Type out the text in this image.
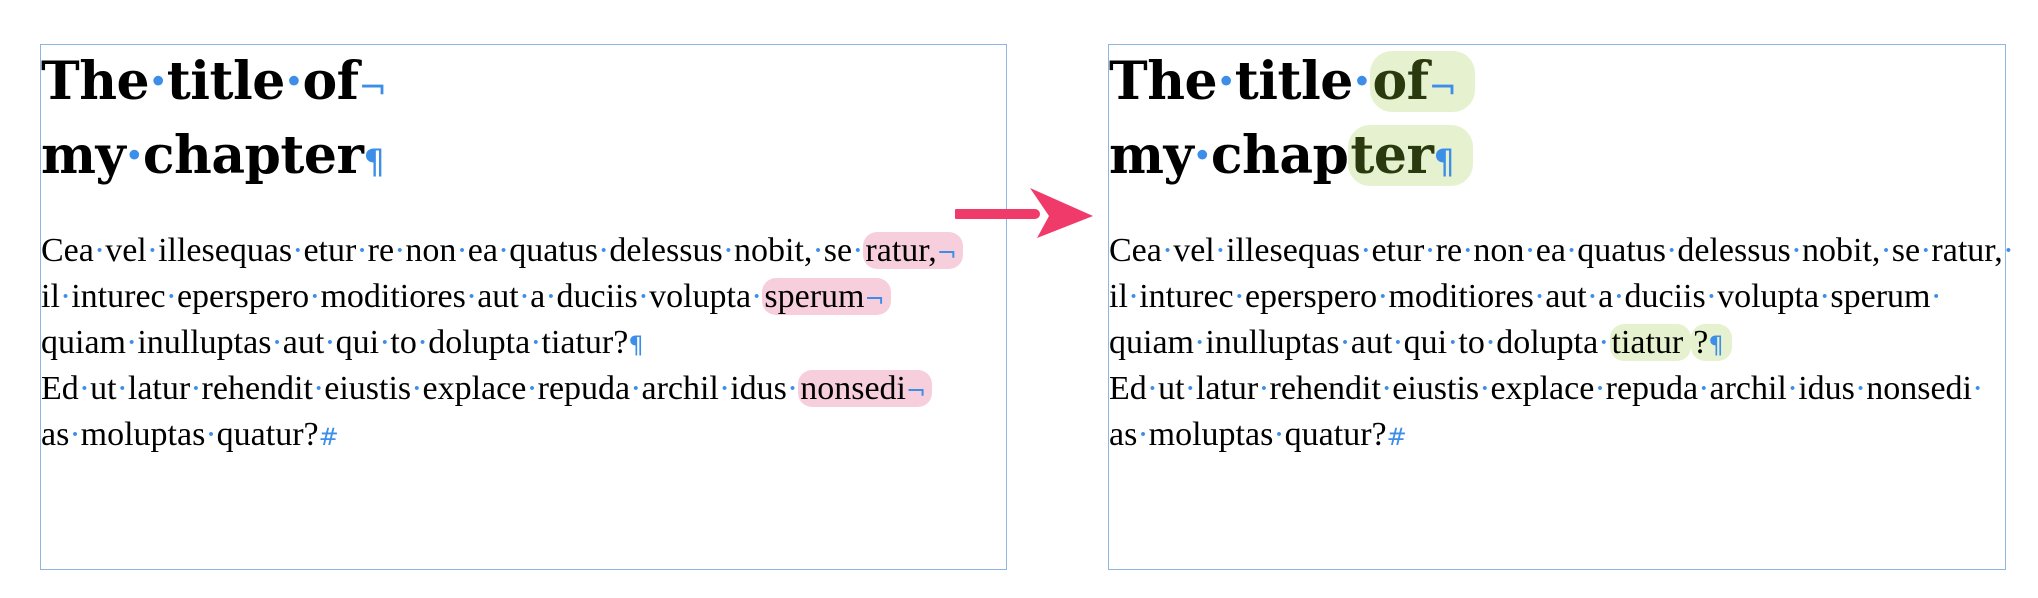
The·title·of¬
my·chapter¶
Cea·vel·illesequas·etur·re·non·ea·quatus·delessus·nobit,·se·ratur,¬
il·inturec·eperspero·moditiores·aut·a·duciis·volupta·sperum¬
quiam·inulluptas·aut·qui·to·dolupta·tiatur?¶
Ed·ut·latur·rehendit·eiustis·explace·repuda·archil·idus·nonsedi¬
as·moluptas·quatur?#
The·title·of¬
my·chapter¶
Cea·vel·illesequas·etur·re·non·ea·quatus·delessus·nobit,·se·ratur,·
il·inturec·eperspero·moditiores·aut·a·duciis·volupta·sperum·
quiam·inulluptas·aut·qui·to·dolupta·tiatur ?¶
Ed·ut·latur·rehendit·eiustis·explace·repuda·archil·idus·nonsedi·
as·moluptas·quatur?#
